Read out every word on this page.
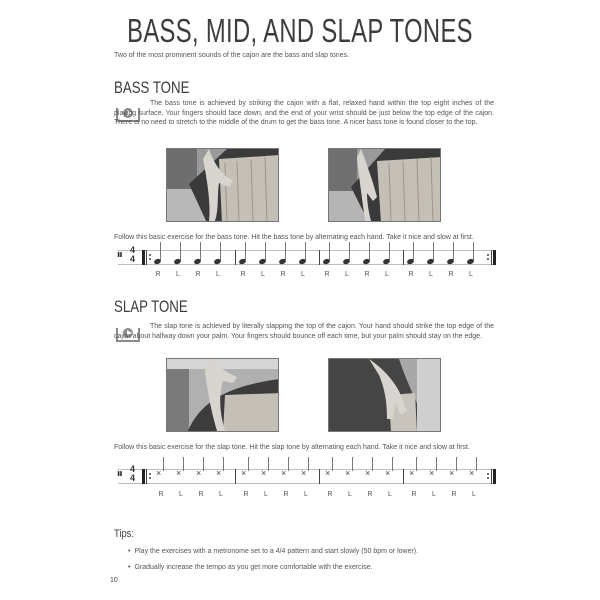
BASS, MID, AND SLAP TONES
Two of the most prominent sounds of the cajon are the bass and slap tones.
BASS TONE
The bass tone is achieved by striking the cajon with a flat, relaxed hand within the top eight inches of the playing surface. Your fingers should face down, and the end of your wrist should be just below the top edge of the cajon. There is no need to stretch to the middle of the drum to get the bass tone. A nicer bass tone is found closer to the top.
Follow this basic exercise for the bass tone. Hit the bass tone by alternating each hand. Take it nice and slow at first.
𝄥 4
4
R	L	R	L	R	L	R	L	R	L	R	L	R	L	R	L
SLAP TONE
The slap tone is achieved by literally slapping the top of the cajon. Your hand should strike the top edge of the cajon about halfway down your palm. Your fingers should bounce off each time, but your palm should stay on the edge.
Follow this basic exercise for the slap tone. Hit the slap tone by alternating each hand. Take it nice and slow at first.
𝄥 4
4 × × × × × × × × × × × × × × × ×
R	L	R	L	R	L	R	L	R	L	R	L	R	L	R	L
Tips:
• Play the exercises with a metronome set to a 4/4 pattern and start slowly (50 bpm or lower).
• Gradually increase the tempo as you get more comfortable with the exercise.
10
